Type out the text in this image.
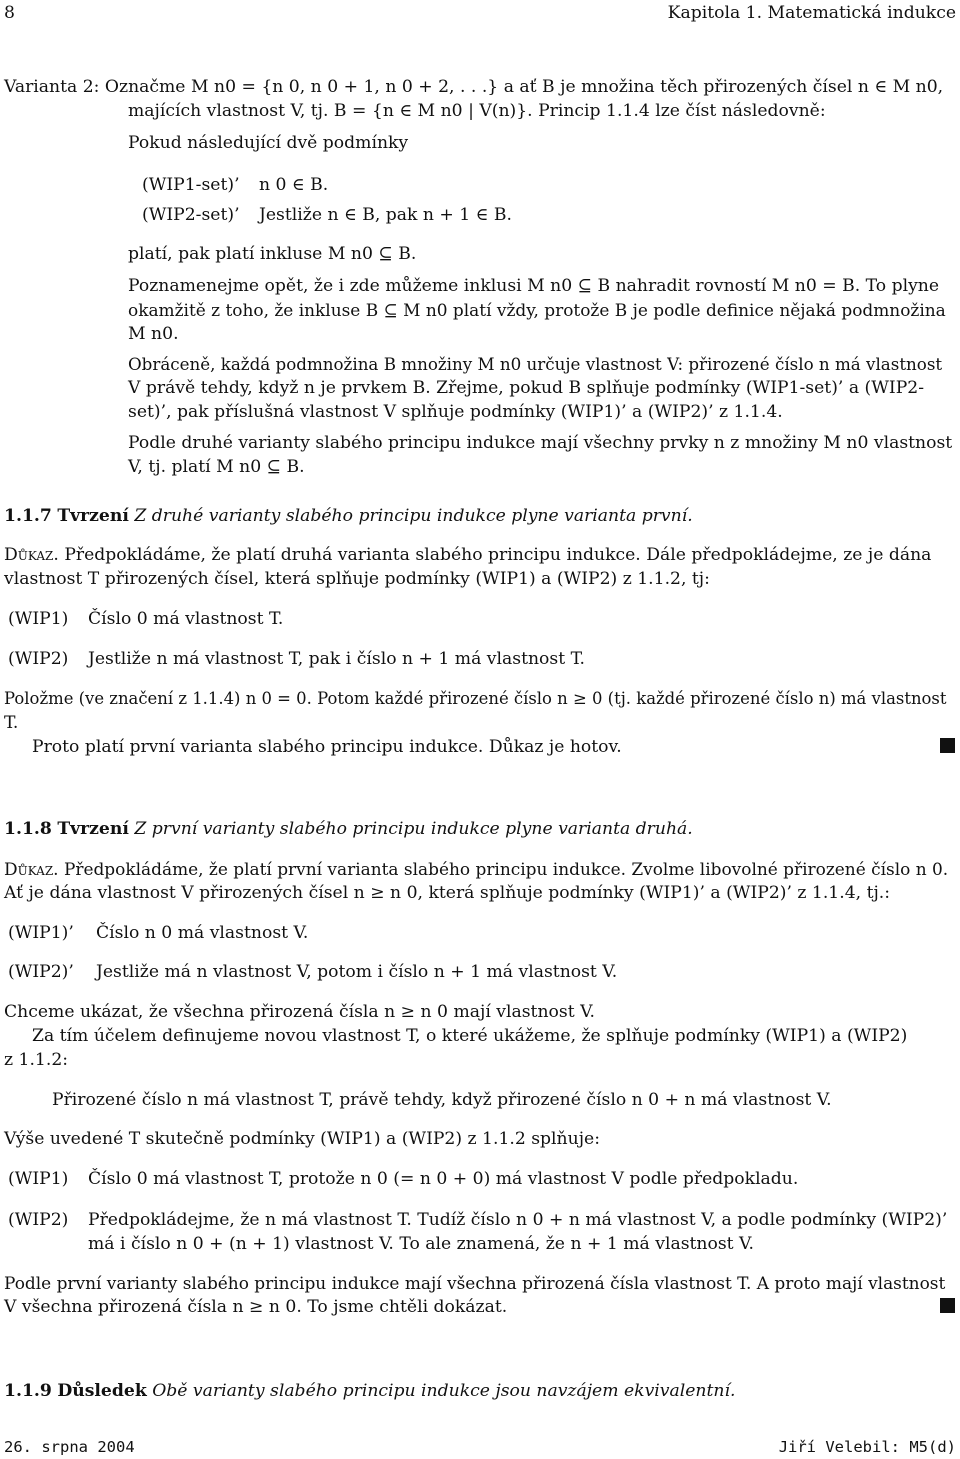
8	Kapitola 1. Matematická indukce
Varianta 2: Označme M n0 = {n 0, n 0 + 1, n 0 + 2, . . .} a ať B je množina těch přirozených čísel n ∈ M n0,
majících vlastnost V, tj. B = {n ∈ M n0 | V(n)}. Princip 1.1.4 lze číst následovně:
Pokud následující dvě podmínky
(WIP1-set)’ n 0 ∈ B.
(WIP2-set)’ Jestliže n ∈ B, pak n + 1 ∈ B.
platí, pak platí inkluse M n0 ⊆ B.
Poznamenejme opět, že i zde můžeme inklusi M n0 ⊆ B nahradit rovností M n0 = B. To plyne
okamžitě z toho, že inkluse B ⊆ M n0 platí vždy, protože B je podle definice nějaká podmnožina
M n0.
Obráceně, každá podmnožina B množiny M n0 určuje vlastnost V: přirozené číslo n má vlastnost
V právě tehdy, když n je prvkem B. Zřejme, pokud B splňuje podmínky (WIP1-set)’ a (WIP2-
set)’, pak příslušná vlastnost V splňuje podmínky (WIP1)’ a (WIP2)’ z 1.1.4.
Podle druhé varianty slabého principu indukce mají všechny prvky n z množiny M n0 vlastnost
V, tj. platí M n0 ⊆ B.
1.1.7 Tvrzení Z druhé varianty slabého principu indukce plyne varianta první.
Důkaz. Předpokládáme, že platí druhá varianta slabého principu indukce. Dále předpokládejme, ze je dána
vlastnost T přirozených čísel, která splňuje podmínky (WIP1) a (WIP2) z 1.1.2, tj:
(WIP1) Číslo 0 má vlastnost T.
(WIP2) Jestliže n má vlastnost T, pak i číslo n + 1 má vlastnost T.
Položme (ve značení z 1.1.4) n 0 = 0. Potom každé přirozené číslo n ≥ 0 (tj. každé přirozené číslo n) má vlastnost
T.
Proto platí první varianta slabého principu indukce. Důkaz je hotov.
1.1.8 Tvrzení Z první varianty slabého principu indukce plyne varianta druhá.
Důkaz. Předpokládáme, že platí první varianta slabého principu indukce. Zvolme libovolné přirozené číslo n 0.
Ať je dána vlastnost V přirozených čísel n ≥ n 0, která splňuje podmínky (WIP1)’ a (WIP2)’ z 1.1.4, tj.:
(WIP1)’ Číslo n 0 má vlastnost V.
(WIP2)’ Jestliže má n vlastnost V, potom i číslo n + 1 má vlastnost V.
Chceme ukázat, že všechna přirozená čísla n ≥ n 0 mají vlastnost V.
Za tím účelem definujeme novou vlastnost T, o které ukážeme, že splňuje podmínky (WIP1) a (WIP2)
z 1.1.2:
Přirozené číslo n má vlastnost T, právě tehdy, když přirozené číslo n 0 + n má vlastnost V.
Výše uvedené T skutečně podmínky (WIP1) a (WIP2) z 1.1.2 splňuje:
(WIP1) Číslo 0 má vlastnost T, protože n 0 (= n 0 + 0) má vlastnost V podle předpokladu.
(WIP2) Předpokládejme, že n má vlastnost T. Tudíž číslo n 0 + n má vlastnost V, a podle podmínky (WIP2)’
má i číslo n 0 + (n + 1) vlastnost V. To ale znamená, že n + 1 má vlastnost V.
Podle první varianty slabého principu indukce mají všechna přirozená čísla vlastnost T. A proto mají vlastnost
V všechna přirozená čísla n ≥ n 0. To jsme chtěli dokázat.
1.1.9 Důsledek Obě varianty slabého principu indukce jsou navzájem ekvivalentní.
26. srpna 2004	Jiří Velebil: M5(d)
